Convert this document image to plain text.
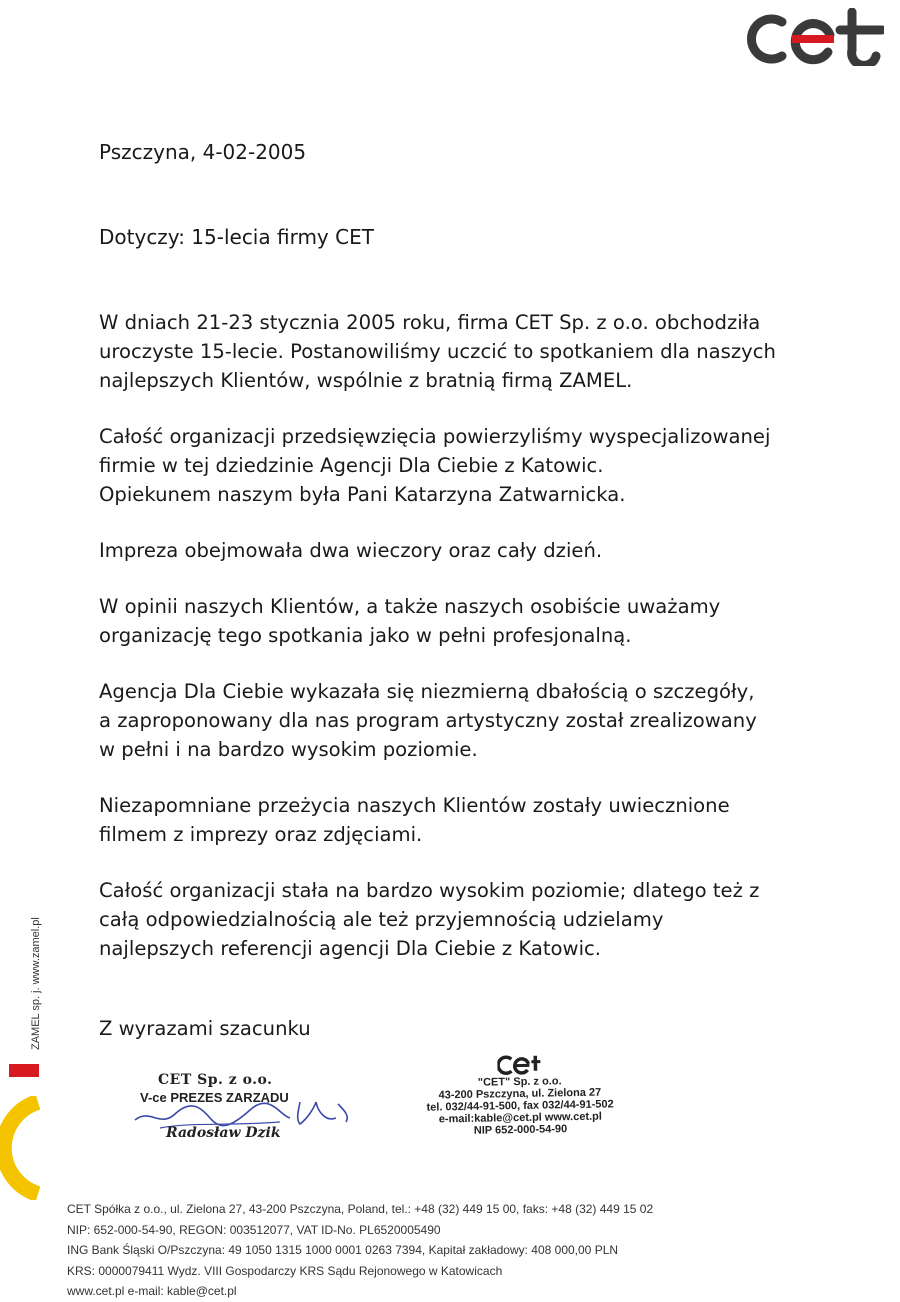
Pszczyna, 4-02-2005
Dotyczy: 15-lecia firmy CET
W dniach 21-23 stycznia 2005 roku, firma CET Sp. z o.o. obchodziła
uroczyste 15-lecie. Postanowiliśmy uczcić to spotkaniem dla naszych
najlepszych Klientów, wspólnie z bratnią firmą ZAMEL.
Całość organizacji przedsięwzięcia powierzyliśmy wyspecjalizowanej
firmie w tej dziedzinie Agencji Dla Ciebie z Katowic.
Opiekunem naszym była Pani Katarzyna Zatwarnicka.
Impreza obejmowała dwa wieczory oraz cały dzień.
W opinii naszych Klientów, a także naszych osobiście uważamy
organizację tego spotkania jako w pełni profesjonalną.
Agencja Dla Ciebie wykazała się niezmierną dbałością o szczegóły,
a zaproponowany dla nas program artystyczny został zrealizowany
w pełni i na bardzo wysokim poziomie.
Niezapomniane przeżycia naszych Klientów zostały uwiecznione
filmem z imprezy oraz zdjęciami.
Całość organizacji stała na bardzo wysokim poziomie; dlatego też z
całą odpowiedzialnością ale też przyjemnością udzielamy
najlepszych referencji agencji Dla Ciebie z Katowic.
Z wyrazami szacunku
ZAMEL sp. j. www.zamel.pl
CET Sp. z o.o.
V-ce PREZES ZARZĄDU
Radosław Dzik
"CET" Sp. z o.o.
43-200 Pszczyna, ul. Zielona 27
tel. 032/44-91-500, fax 032/44-91-502
e-mail:kable@cet.pl www.cet.pl
NIP 652-000-54-90
CET Spółka z o.o., ul. Zielona 27, 43-200 Pszczyna, Poland, tel.: +48 (32) 449 15 00, faks: +48 (32) 449 15 02
NIP: 652-000-54-90, REGON: 003512077, VAT ID-No. PL6520005490
ING Bank Śląski O/Pszczyna: 49 1050 1315 1000 0001 0263 7394, Kapitał zakładowy: 408 000,00 PLN
KRS: 0000079411 Wydz. VIII Gospodarczy KRS Sądu Rejonowego w Katowicach
www.cet.pl e-mail: kable@cet.pl
